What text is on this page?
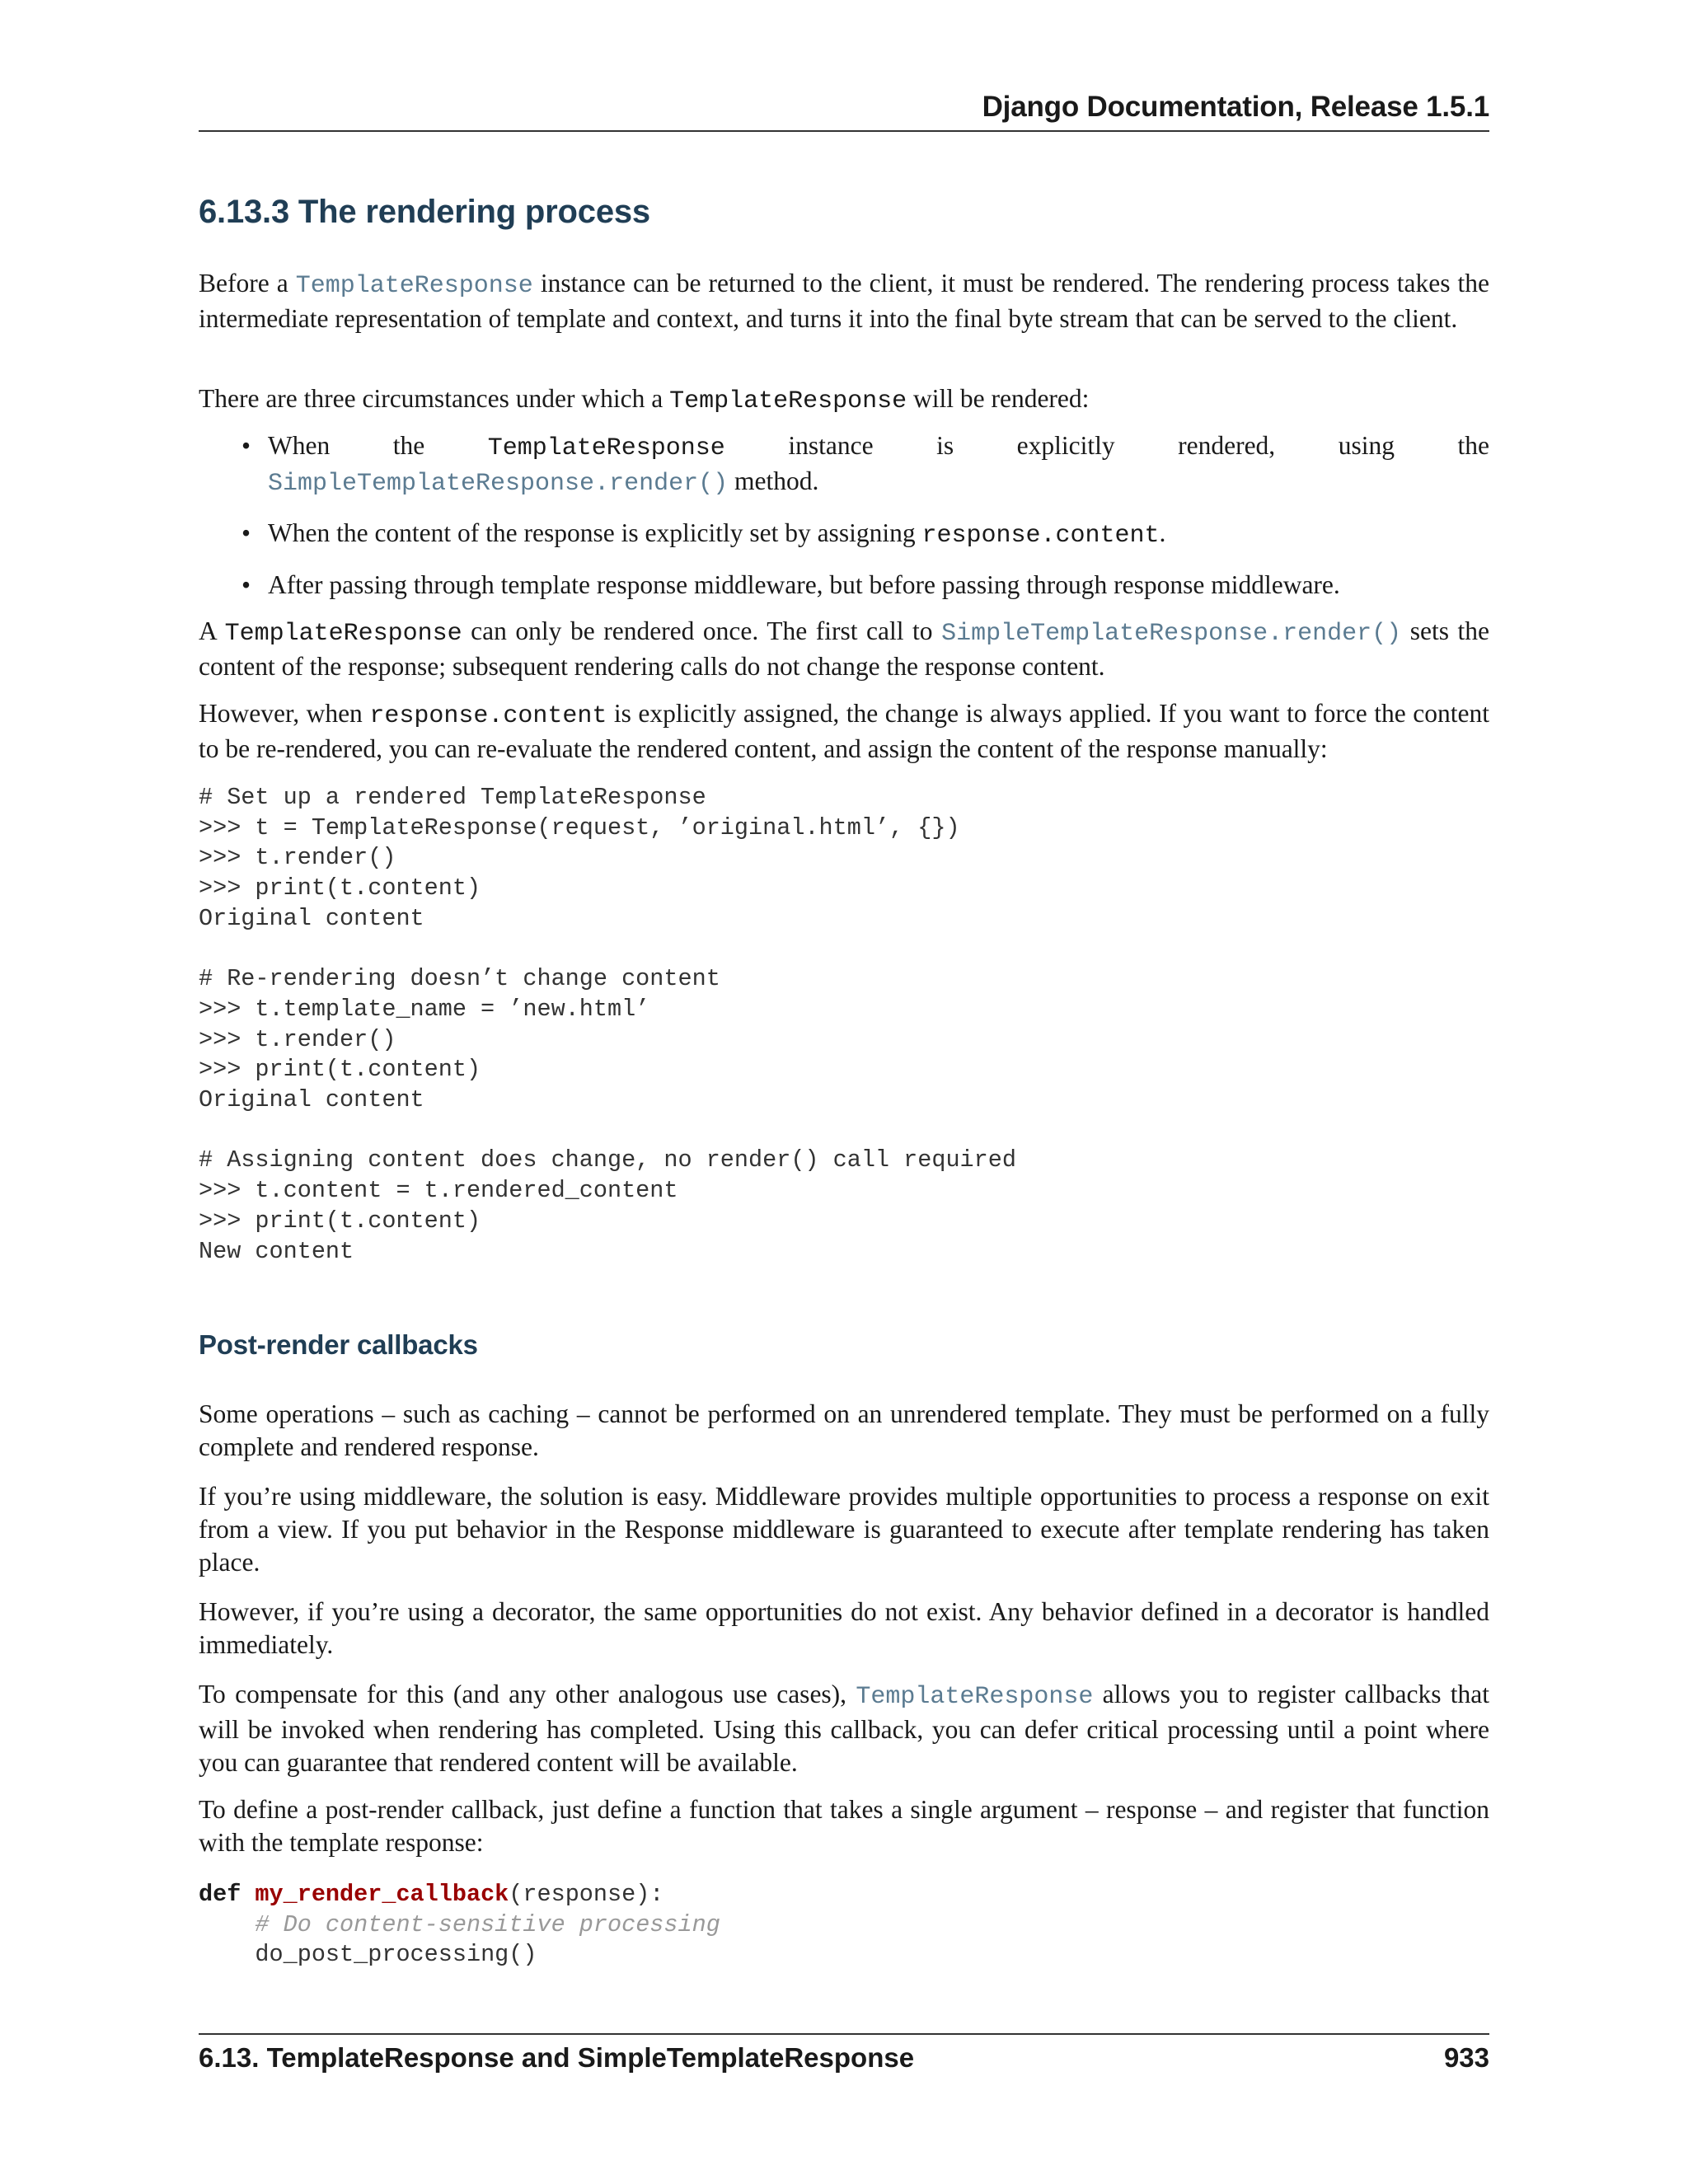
Django Documentation, Release 1.5.1
6.13.3 The rendering process

Before a TemplateResponse instance can be returned to the client, it must be rendered. The rendering process takes the intermediate representation of template and context, and turns it into the final byte stream that can be served to the client.

There are three circumstances under which a TemplateResponse will be rendered:

• When the TemplateResponse instance is explicitly rendered, using the
SimpleTemplateResponse.render() method.
• When the content of the response is explicitly set by assigning response.content.
• After passing through template response middleware, but before passing through response middleware.

A TemplateResponse can only be rendered once. The first call to SimpleTemplateResponse.render() sets the content of the response; subsequent rendering calls do not change the response content.

However, when response.content is explicitly assigned, the change is always applied. If you want to force the content to be re-rendered, you can re-evaluate the rendered content, and assign the content of the response manually:

# Set up a rendered TemplateResponse
>>> t = TemplateResponse(request, ’original.html’, {})
>>> t.render()
>>> print(t.content)
Original content

# Re-rendering doesn’t change content
>>> t.template_name = ’new.html’
>>> t.render()
>>> print(t.content)
Original content

# Assigning content does change, no render() call required
>>> t.content = t.rendered_content
>>> print(t.content)
New content
Post-render callbacks

Some operations – such as caching – cannot be performed on an unrendered template. They must be performed on a fully complete and rendered response.

If you’re using middleware, the solution is easy. Middleware provides multiple opportunities to process a response on exit from a view. If you put behavior in the Response middleware is guaranteed to execute after template rendering has taken place.

However, if you’re using a decorator, the same opportunities do not exist. Any behavior defined in a decorator is handled immediately.

To compensate for this (and any other analogous use cases), TemplateResponse allows you to register callbacks that will be invoked when rendering has completed. Using this callback, you can defer critical processing until a point where you can guarantee that rendered content will be available.

To define a post-render callback, just define a function that takes a single argument – response – and register that function with the template response:

def my_render_callback(response):
# Do content-sensitive processing
do_post_processing()
6.13. TemplateResponse and SimpleTemplateResponse	933
